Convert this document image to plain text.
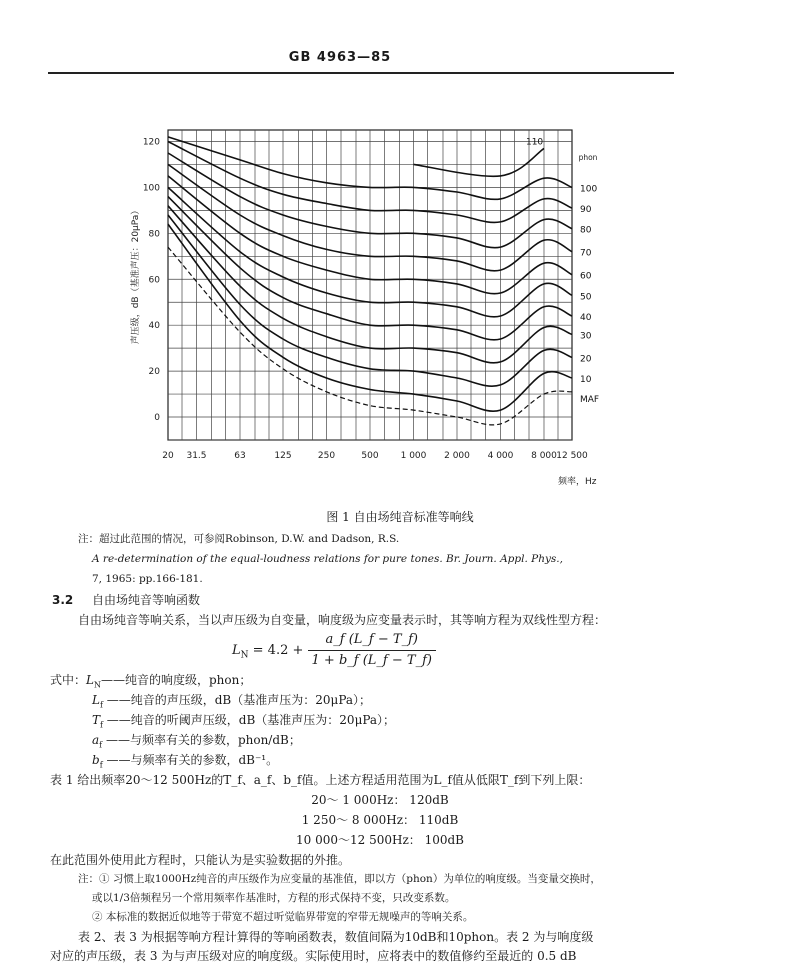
GB 4963—85
20 31.5	63	125	250	500 1 000 2 000 4 000 8 000 12 500
0
20
40
60
80
100
120	110
100
90
80
70
60
50
40
30
20
10
MAF
声压级，dB（基准声压：20μPa）
频率，Hz
phon
图 1 自由场纯音标准等响线
注：超过此范围的情况，可参阅Robinson, D.W. and Dadson, R.S.
A re-determination of the equal-loudness relations for pure tones. Br. Journ. Appl. Phys.,
7, 1965: pp.166-181.
3.2 自由场纯音等响函数
自由场纯音等响关系，当以声压级为自变量，响度级为应变量表示时，其等响方程为双线性型方程：
$L_N = 4.2 + \frac{a\_f (L\_f - T\_f)}{1 + b\_f (L\_f - T\_f)}$
式中：$L_N——$纯音的响度级，phon；
$L_f$ ——纯音的声压级，dB（基准声压为：20μPa）；
$T_f$ ——纯音的听阈声压级，dB（基准声压为：20μPa）；
$a_f$ ——与频率有关的参数，phon/dB；
$b_f$ ——与频率有关的参数，dB⁻¹。
表 1 给出频率20～12 500Hz的T_f、a_f、b_f值。上述方程适用范围为L_f值从低限T_f到下列上限：
20～ 1 000Hz： 120dB
1 250～ 8 000Hz： 110dB
10 000～12 500Hz： 100dB
在此范围外使用此方程时，只能认为是实验数据的外推。
注：① 习惯上取1000Hz纯音的声压级作为应变量的基准值，即以方（phon）为单位的响度级。当变量交换时，
或以1/3倍频程另一个常用频率作基准时，方程的形式保持不变，只改变系数。
② 本标准的数据近似地等于带宽不超过听觉临界带宽的窄带无规噪声的等响关系。
表 2、表 3 为根据等响方程计算得的等响函数表，数值间隔为10dB和10phon。表 2 为与响度级
对应的声压级，表 3 为与声压级对应的响度级。实际使用时，应将表中的数值修约至最近的 0.5 dB
